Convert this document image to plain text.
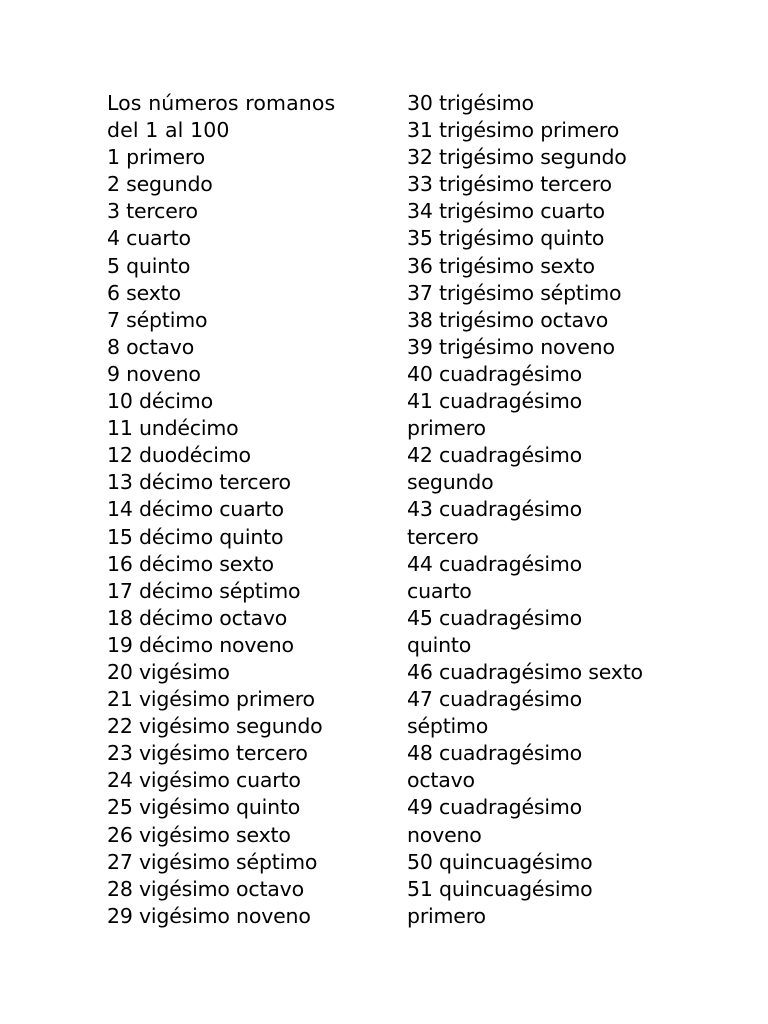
Los números romanos
del 1 al 100
1 primero
2 segundo
3 tercero
4 cuarto
5 quinto
6 sexto
7 séptimo
8 octavo
9 noveno
10 décimo
11 undécimo
12 duodécimo
13 décimo tercero
14 décimo cuarto
15 décimo quinto
16 décimo sexto
17 décimo séptimo
18 décimo octavo
19 décimo noveno
20 vigésimo
21 vigésimo primero
22 vigésimo segundo
23 vigésimo tercero
24 vigésimo cuarto
25 vigésimo quinto
26 vigésimo sexto
27 vigésimo séptimo
28 vigésimo octavo
29 vigésimo noveno
30 trigésimo
31 trigésimo primero
32 trigésimo segundo
33 trigésimo tercero
34 trigésimo cuarto
35 trigésimo quinto
36 trigésimo sexto
37 trigésimo séptimo
38 trigésimo octavo
39 trigésimo noveno
40 cuadragésimo
41 cuadragésimo
primero
42 cuadragésimo
segundo
43 cuadragésimo
tercero
44 cuadragésimo
cuarto
45 cuadragésimo
quinto
46 cuadragésimo sexto
47 cuadragésimo
séptimo
48 cuadragésimo
octavo
49 cuadragésimo
noveno
50 quincuagésimo
51 quincuagésimo
primero
